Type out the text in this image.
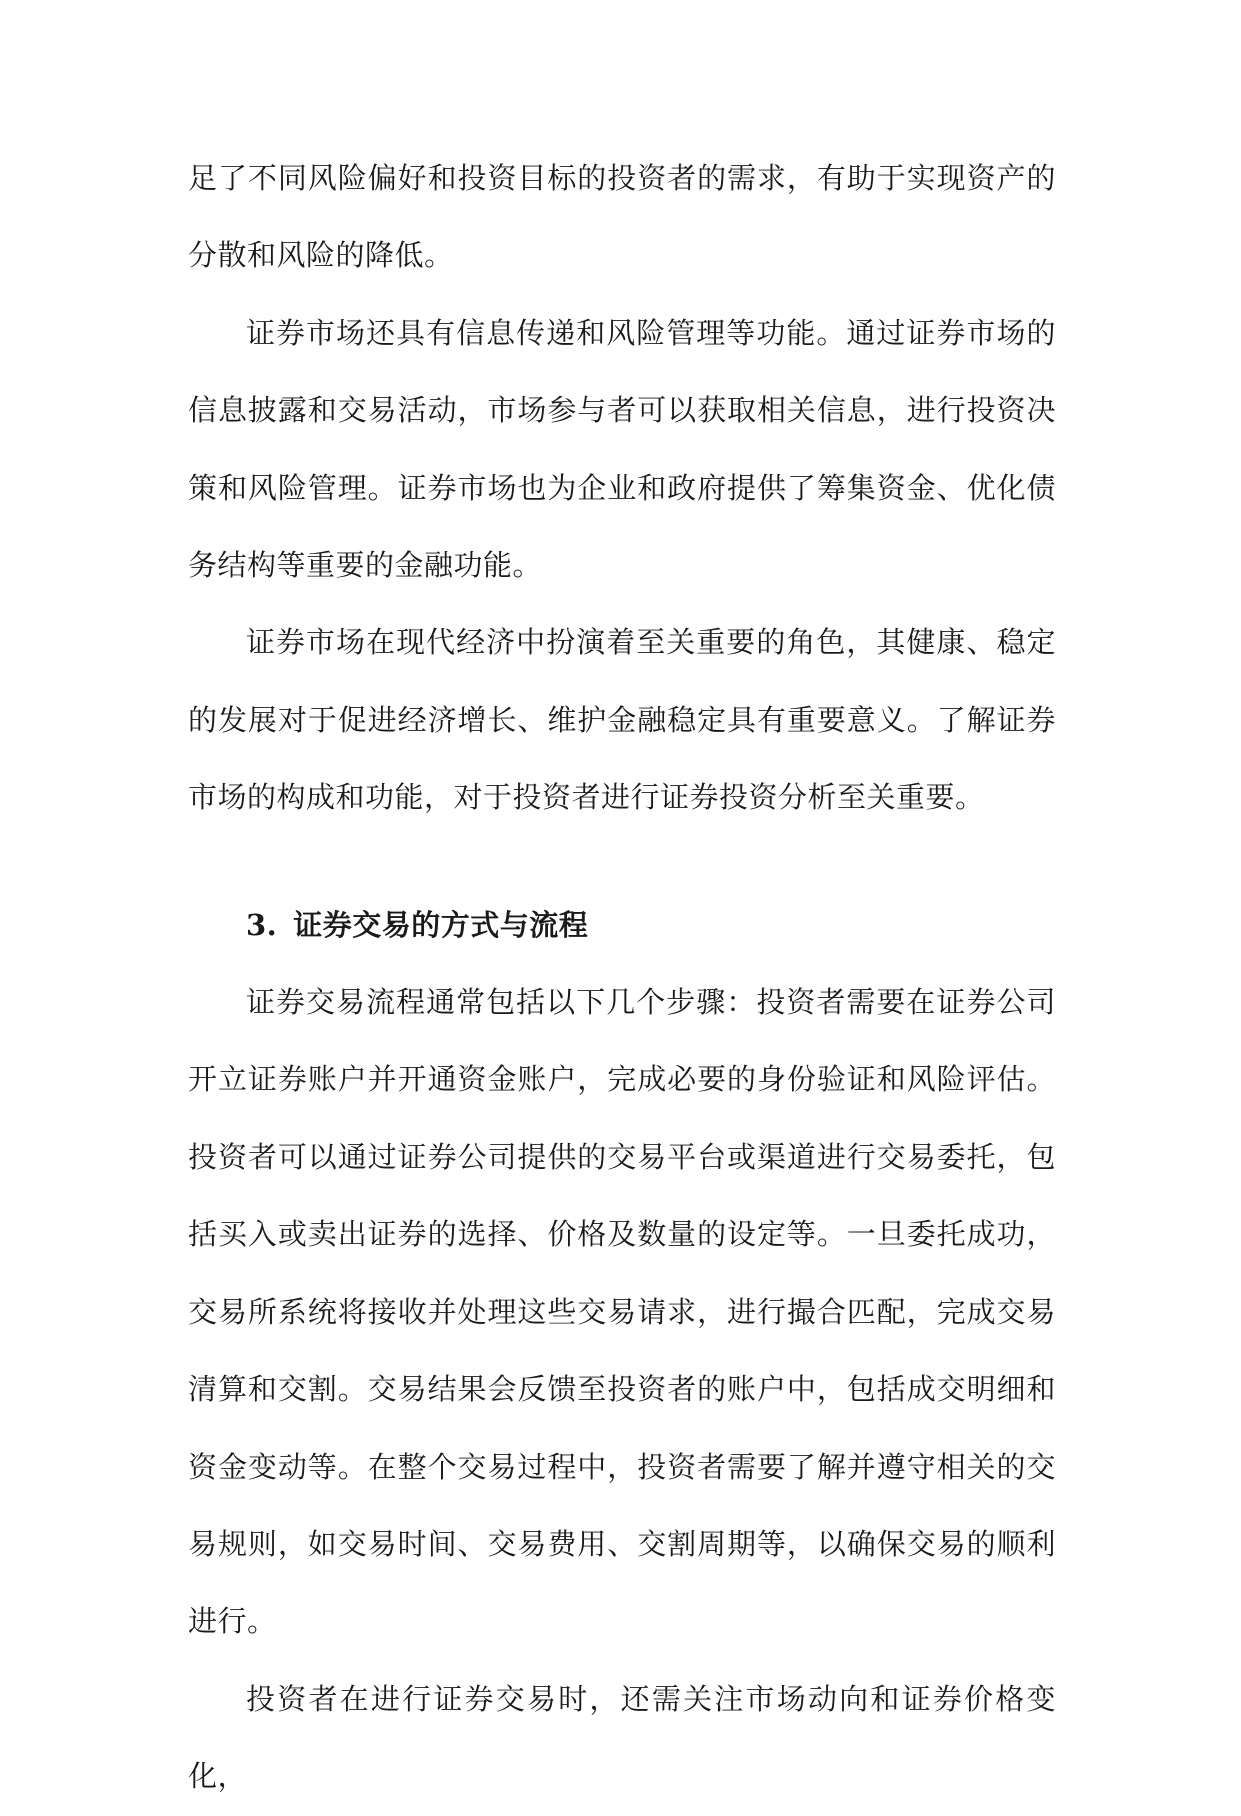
足了不同风险偏好和投资目标的投资者的需求，有助于实现资产的分散和风险的降低。

证券市场还具有信息传递和风险管理等功能。通过证券市场的信息披露和交易活动，市场参与者可以获取相关信息，进行投资决策和风险管理。证券市场也为企业和政府提供了筹集资金、优化债务结构等重要的金融功能。

证券市场在现代经济中扮演着至关重要的角色，其健康、稳定的发展对于促进经济增长、维护金融稳定具有重要意义。了解证券市场的构成和功能，对于投资者进行证券投资分析至关重要。

3. 证券交易的方式与流程

证券交易流程通常包括以下几个步骤：投资者需要在证券公司开立证券账户并开通资金账户，完成必要的身份验证和风险评估。投资者可以通过证券公司提供的交易平台或渠道进行交易委托，包括买入或卖出证券的选择、价格及数量的设定等。一旦委托成功，交易所系统将接收并处理这些交易请求，进行撮合匹配，完成交易清算和交割。交易结果会反馈至投资者的账户中，包括成交明细和资金变动等。在整个交易过程中，投资者需要了解并遵守相关的交易规则，如交易时间、交易费用、交割周期等，以确保交易的顺利进行。

投资者在进行证券交易时，还需关注市场动向和证券价格变化，
